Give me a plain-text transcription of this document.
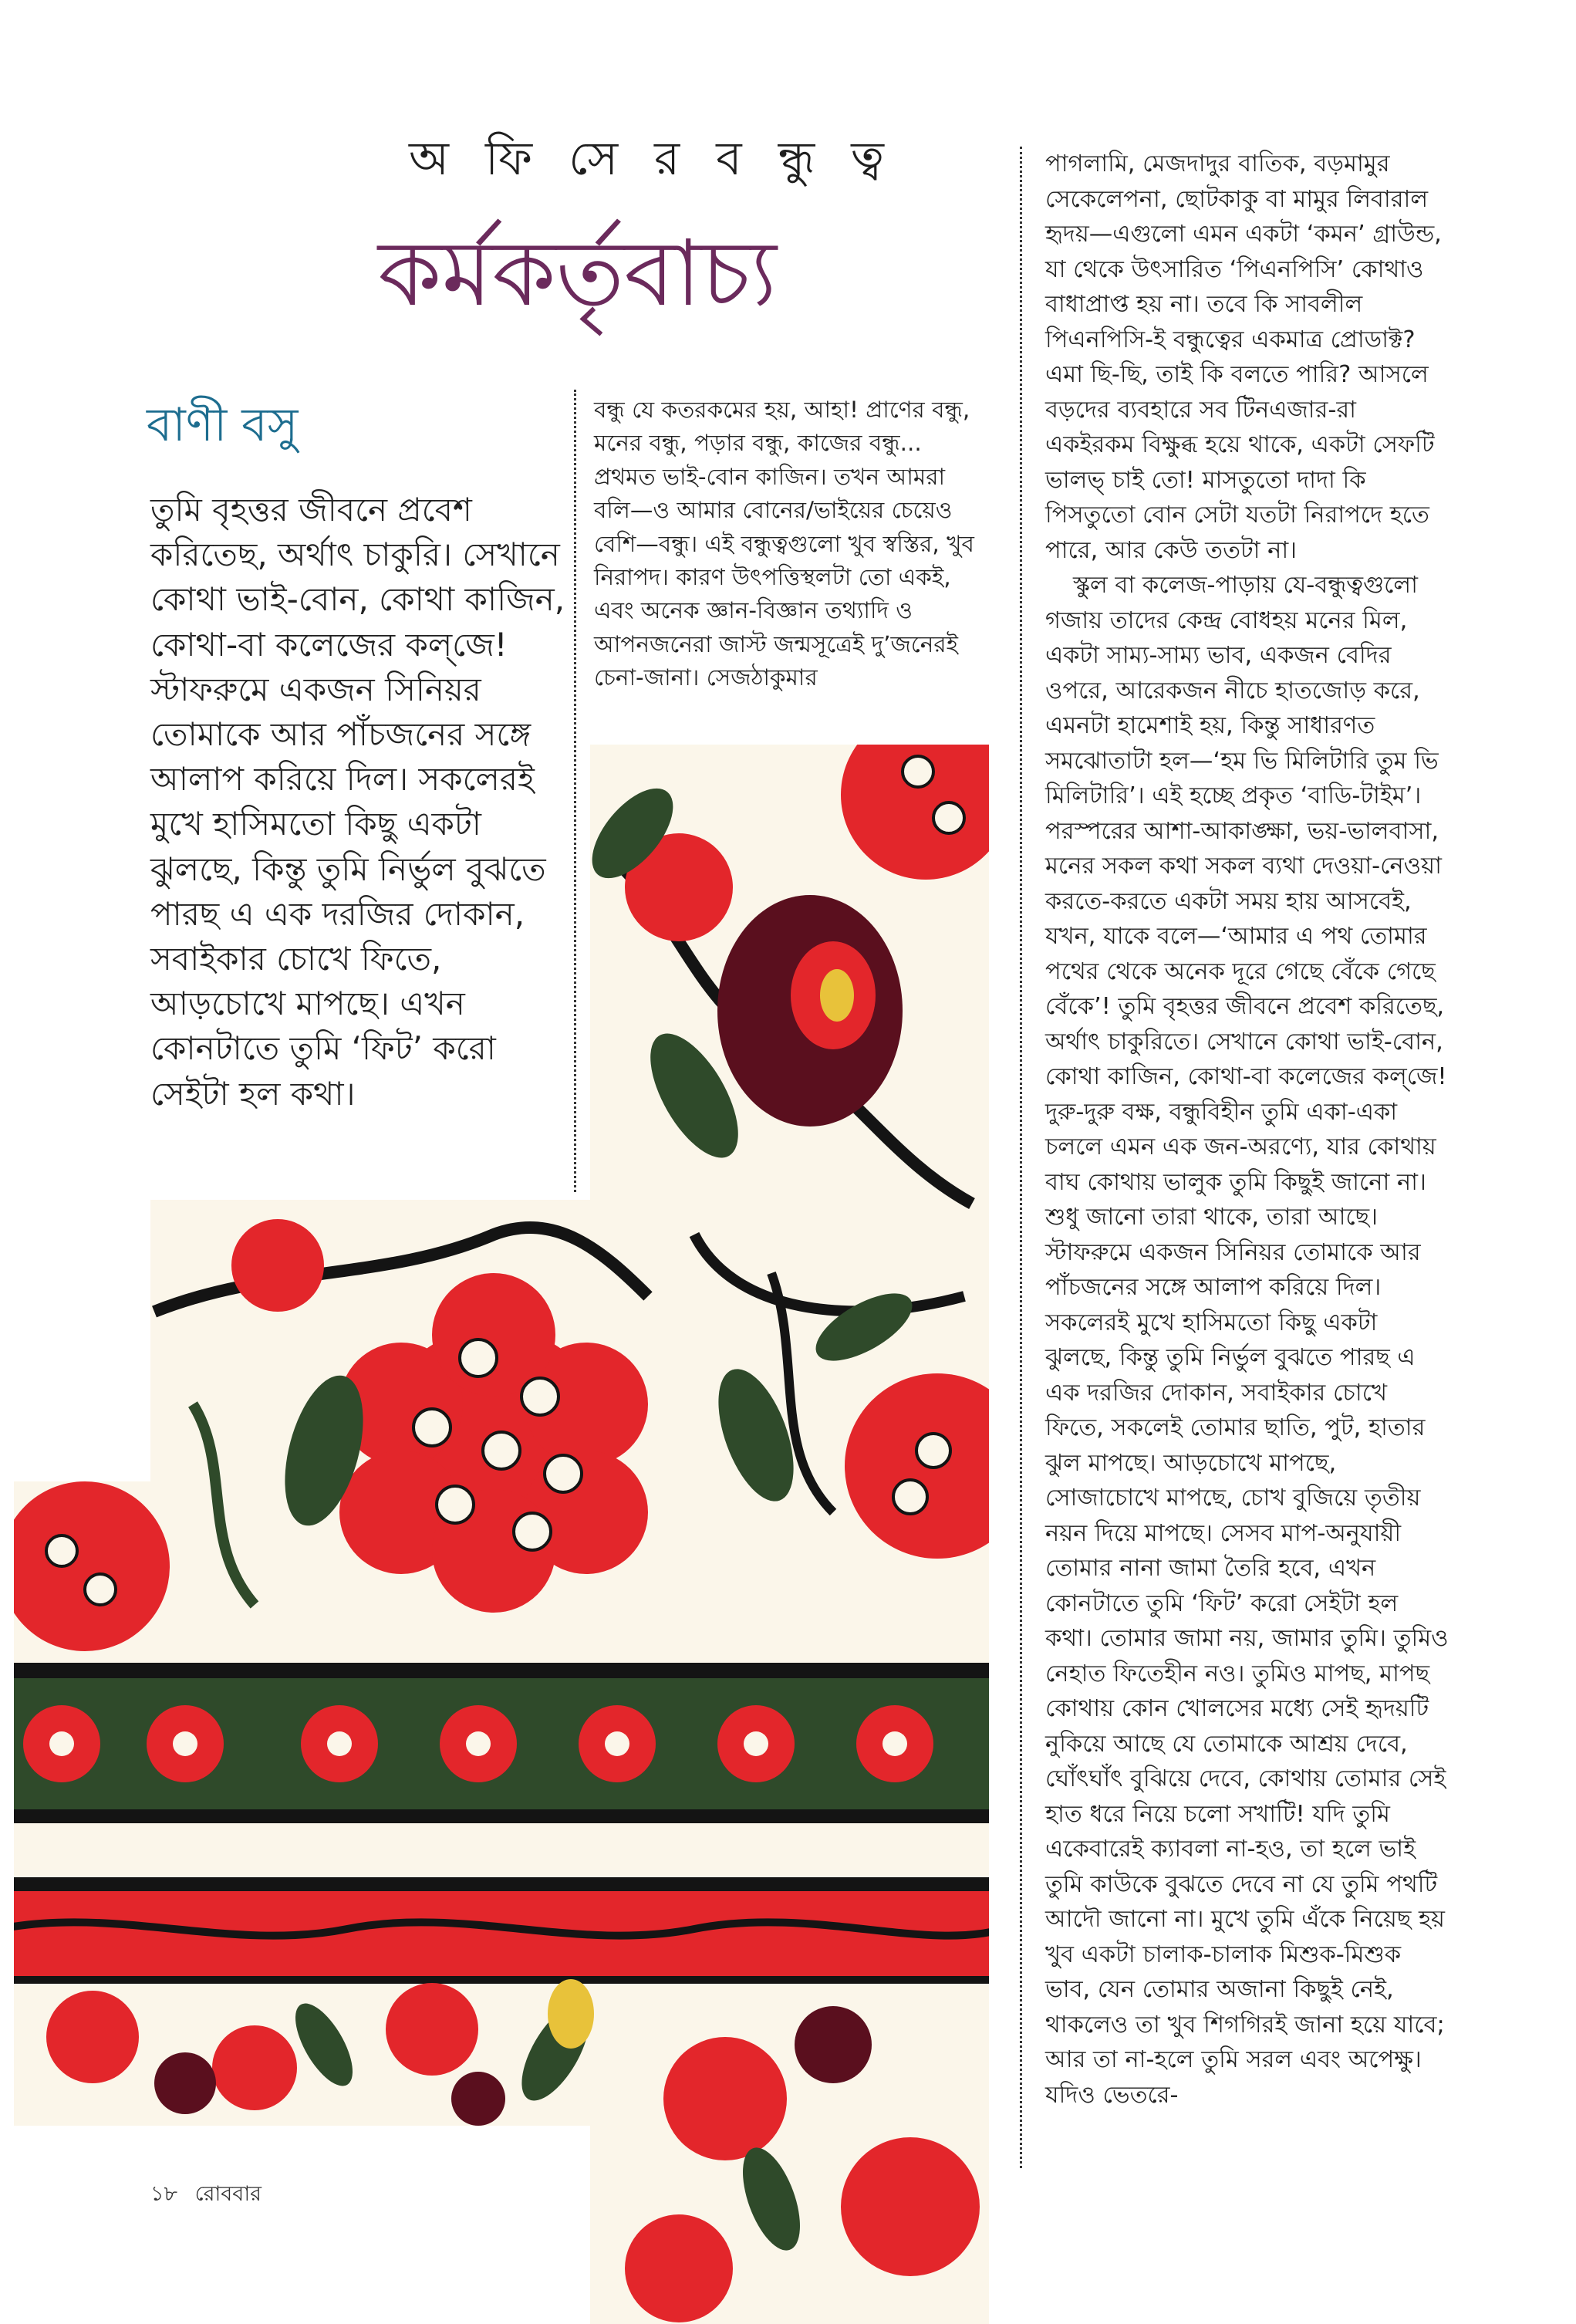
অ ফি সে র ব ন্ধু ত্ব
কর্মকর্তৃবাচ্য
বাণী বসু

তুমি বৃহত্তর জীবনে প্রবেশ করিতেছ, অর্থাৎ চাকুরি। সেখানে কোথা ভাই-বোন, কোথা কাজিন, কোথা-বা কলেজের কল্‌জে! স্টাফরুমে একজন সিনিয়র তোমাকে আর পাঁচজনের সঙ্গে আলাপ করিয়ে দিল। সকলেরই মুখে হাসিমতো কিছু একটা ঝুলছে, কিন্তু তুমি নির্ভুল বুঝতে পারছ এ এক দরজির দোকান, সবাইকার চোখে ফিতে, আড়চোখে মাপছে। এখন কোনটাতে তুমি ‘ফিট’ করো সেইটা হল কথা।

বন্ধু যে কতরকমের হয়, আহা! প্রাণের বন্ধু, মনের বন্ধু, পড়ার বন্ধু, কাজের বন্ধু... প্রথমত ভাই-বোন কাজিন। তখন আমরা বলি—ও আমার বোনের/ভাইয়ের চেয়েও বেশি—বন্ধু। এই বন্ধুত্বগুলো খুব স্বস্তির, খুব নিরাপদ। কারণ উৎপত্তিস্থলটা তো একই, এবং অনেক জ্ঞান-বিজ্ঞান তথ্যাদি ও আপনজনেরা জাস্ট জন্মসূত্রেই দু’জনেরই চেনা-জানা। সেজঠাকুমার

পাগলামি, মেজদাদুর বাতিক, বড়মামুর সেকেলেপনা, ছোটকাকু বা মামুর লিবারাল হৃদয়—এগুলো এমন একটা ‘কমন’ গ্রাউন্ড, যা থেকে উৎসারিত ‘পিএনপিসি’ কোথাও বাধাপ্রাপ্ত হয় না। তবে কি সাবলীল পিএনপিসি-ই বন্ধুত্বের একমাত্র প্রোডাক্ট? এমা ছি-ছি, তাই কি বলতে পারি? আসলে বড়দের ব্যবহারে সব টিনএজার-রা একইরকম বিক্ষুব্ধ হয়ে থাকে, একটা সেফটি ভালভ্‌ চাই তো! মাসতুতো দাদা কি পিসতুতো বোন সেটা যতটা নিরাপদে হতে পারে, আর কেউ ততটা না।

স্কুল বা কলেজ-পাড়ায় যে-বন্ধুত্বগুলো গজায় তাদের কেন্দ্র বোধহয় মনের মিল, একটা সাম্য-সাম্য ভাব, একজন বেদির ওপরে, আরেকজন নীচে হাতজোড় করে, এমনটা হামেশাই হয়, কিন্তু সাধারণত সমঝোতাটা হল—‘হম ভি মিলিটারি তুম ভি মিলিটারি’। এই হচ্ছে প্রকৃত ‘বাডি-টাইম’। পরস্পরের আশা-আকাঙ্ক্ষা, ভয়-ভালবাসা, মনের সকল কথা সকল ব্যথা দেওয়া-নেওয়া করতে-করতে একটা সময় হায় আসবেই, যখন, যাকে বলে—‘আমার এ পথ তোমার পথের থেকে অনেক দূরে গেছে বেঁকে গেছে বেঁকে’! তুমি বৃহত্তর জীবনে প্রবেশ করিতেছ, অর্থাৎ চাকুরিতে। সেখানে কোথা ভাই-বোন, কোথা কাজিন, কোথা-বা কলেজের কল্‌জে! দুরু-দুরু বক্ষ, বন্ধুবিহীন তুমি একা-একা চললে এমন এক জন-অরণ্যে, যার কোথায় বাঘ কোথায় ভালুক তুমি কিছুই জানো না। শুধু জানো তারা থাকে, তারা আছে। স্টাফরুমে একজন সিনিয়র তোমাকে আর পাঁচজনের সঙ্গে আলাপ করিয়ে দিল। সকলেরই মুখে হাসিমতো কিছু একটা ঝুলছে, কিন্তু তুমি নির্ভুল বুঝতে পারছ এ এক দরজির দোকান, সবাইকার চোখে ফিতে, সকলেই তোমার ছাতি, পুট, হাতার ঝুল মাপছে। আড়চোখে মাপছে, সোজাচোখে মাপছে, চোখ বুজিয়ে তৃতীয় নয়ন দিয়ে মাপছে। সেসব মাপ-অনুযায়ী তোমার নানা জামা তৈরি হবে, এখন কোনটাতে তুমি ‘ফিট’ করো সেইটা হল কথা। তোমার জামা নয়, জামার তুমি। তুমিও নেহাত ফিতেহীন নও। তুমিও মাপছ, মাপছ কোথায় কোন খোলসের মধ্যে সেই হৃদয়টি নুকিয়ে আছে যে তোমাকে আশ্রয় দেবে, ঘোঁৎঘাঁৎ বুঝিয়ে দেবে, কোথায় তোমার সেই হাত ধরে নিয়ে চলো সখাটি! যদি তুমি একেবারেই ক্যাবলা না-হও, তা হলে ভাই তুমি কাউকে বুঝতে দেবে না যে তুমি পথটি আদৌ জানো না। মুখে তুমি এঁকে নিয়েছ হয় খুব একটা চালাক-চালাক মিশুক-মিশুক ভাব, যেন তোমার অজানা কিছুই নেই, থাকলেও তা খুব শিগগিরই জানা হয়ে যাবে; আর তা না-হলে তুমি সরল এবং অপেক্ষু। যদিও ভেতরে-

১৮ রোববার
